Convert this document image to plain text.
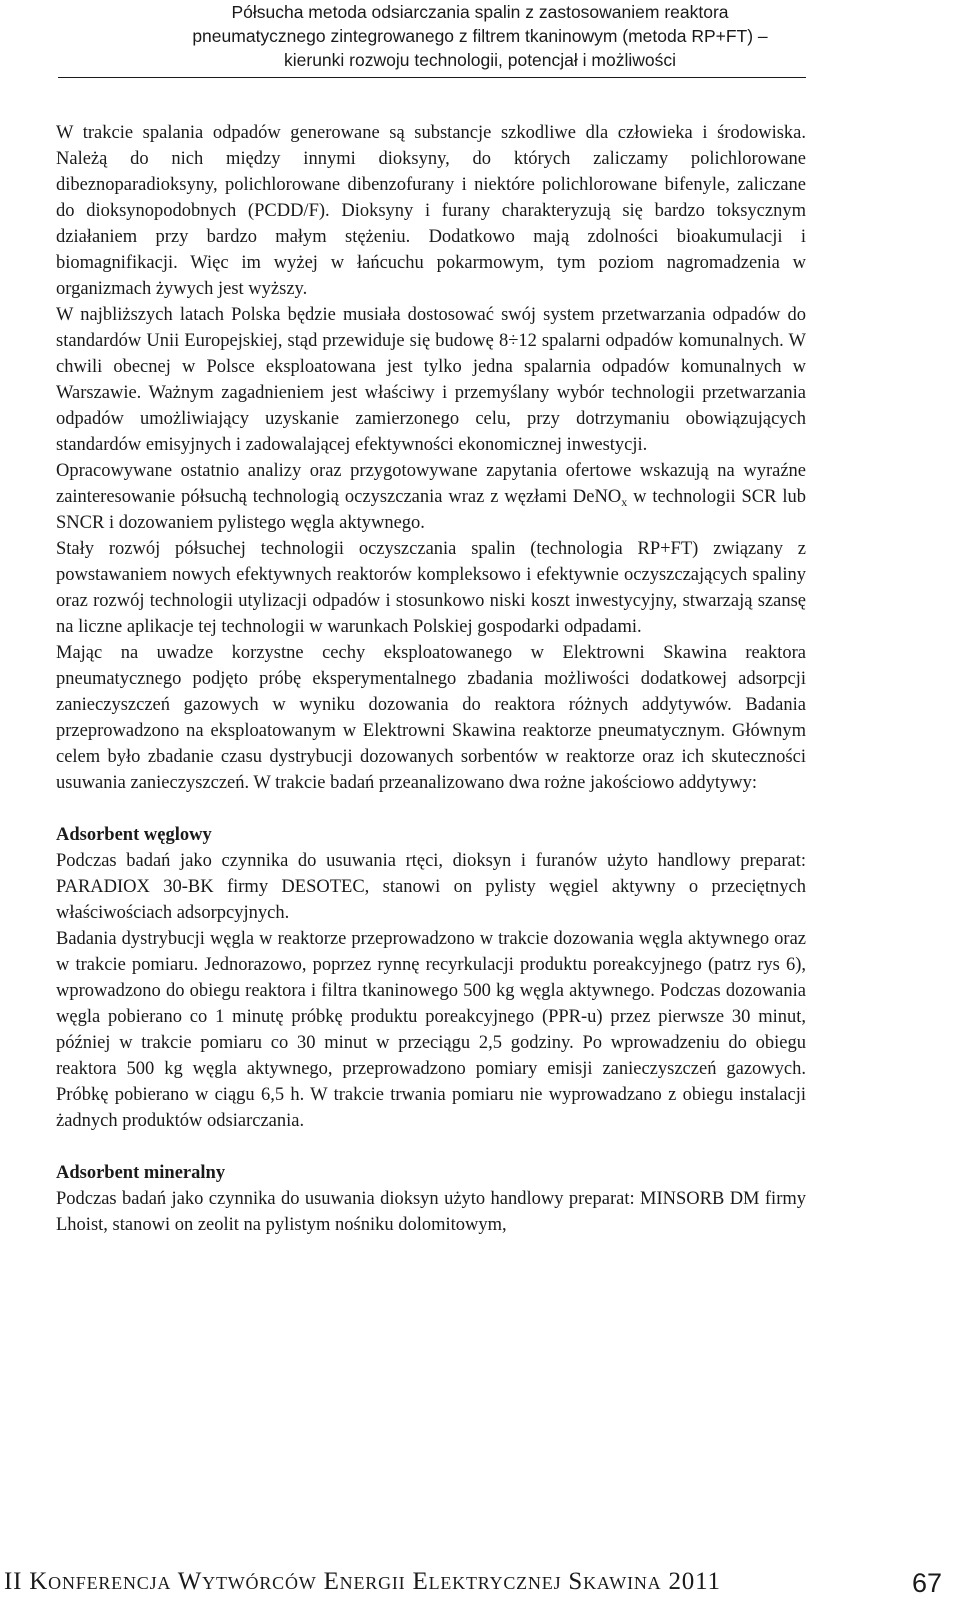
Półsucha metoda odsiarczania spalin z zastosowaniem reaktora
pneumatycznego zintegrowanego z filtrem tkaninowym (metoda RP+FT) –
kierunki rozwoju technologii, potencjał i możliwości

W trakcie spalania odpadów generowane są substancje szkodliwe dla człowieka i środowiska. Należą do nich między innymi dioksyny, do których zaliczamy polichlorowane dibeznoparadioksyny, polichlorowane dibenzofurany i niektóre polichlorowane bifenyle, zaliczane do dioksynopodobnych (PCDD/F). Dioksyny i furany charakteryzują się bardzo toksycznym działaniem przy bardzo małym stężeniu. Dodatkowo mają zdolności bioakumulacji i biomagnifikacji. Więc im wyżej w łańcuchu pokarmowym, tym poziom nagromadzenia w organizmach żywych jest wyższy.

W najbliższych latach Polska będzie musiała dostosować swój system przetwarzania odpadów do standardów Unii Europejskiej, stąd przewiduje się budowę 8÷12 spalarni odpadów komunalnych. W chwili obecnej w Polsce eksploatowana jest tylko jedna spalarnia odpadów komunalnych w Warszawie. Ważnym zagadnieniem jest właściwy i przemyślany wybór technologii przetwarzania odpadów umożliwiający uzyskanie zamierzonego celu, przy dotrzymaniu obowiązujących standardów emisyjnych i zadowalającej efektywności ekonomicznej inwestycji.

Opracowywane ostatnio analizy oraz przygotowywane zapytania ofertowe wskazują na wyraźne zainteresowanie półsuchą technologią oczyszczania wraz z węzłami DeNO$_x$ w technologii SCR lub SNCR i dozowaniem pylistego węgla aktywnego.

Stały rozwój półsuchej technologii oczyszczania spalin (technologia RP+FT) związany z powstawaniem nowych efektywnych reaktorów kompleksowo i efektywnie oczyszczających spaliny oraz rozwój technologii utylizacji odpadów i stosunkowo niski koszt inwestycyjny, stwarzają szansę na liczne aplikacje tej technologii w warunkach Polskiej gospodarki odpadami.

Mając na uwadze korzystne cechy eksploatowanego w Elektrowni Skawina reaktora pneumatycznego podjęto próbę eksperymentalnego zbadania możliwości dodatkowej adsorpcji zanieczyszczeń gazowych w wyniku dozowania do reaktora różnych addytywów. Badania przeprowadzono na eksploatowanym w Elektrowni Skawina reaktorze pneumatycznym. Głównym celem było zbadanie czasu dystrybucji dozowanych sorbentów w reaktorze oraz ich skuteczności usuwania zanieczyszczeń. W trakcie badań przeanalizowano dwa rożne jakościowo addytywy:

Adsorbent węglowy

Podczas badań jako czynnika do usuwania rtęci, dioksyn i furanów użyto handlowy preparat: PARADIOX 30-BK firmy DESOTEC, stanowi on pylisty węgiel aktywny o przeciętnych właściwościach adsorpcyjnych.

Badania dystrybucji węgla w reaktorze przeprowadzono w trakcie dozowania węgla aktywnego oraz w trakcie pomiaru. Jednorazowo, poprzez rynnę recyrkulacji produktu poreakcyjnego (patrz rys 6), wprowadzono do obiegu reaktora i filtra tkaninowego 500 kg węgla aktywnego. Podczas dozowania węgla pobierano co 1 minutę próbkę produktu poreakcyjnego (PPR-u) przez pierwsze 30 minut, później w trakcie pomiaru co 30 minut w przeciągu 2,5 godziny. Po wprowadzeniu do obiegu reaktora 500 kg węgla aktywnego, przeprowadzono pomiary emisji zanieczyszczeń gazowych. Próbkę pobierano w ciągu 6,5 h. W trakcie trwania pomiaru nie wyprowadzano z obiegu instalacji żadnych produktów odsiarczania.

Adsorbent mineralny

Podczas badań jako czynnika do usuwania dioksyn użyto handlowy preparat: MINSORB DM firmy Lhoist, stanowi on zeolit na pylistym nośniku dolomitowym,

II Konferencja Wytwórców Energii Elektrycznej Skawina 2011	67
